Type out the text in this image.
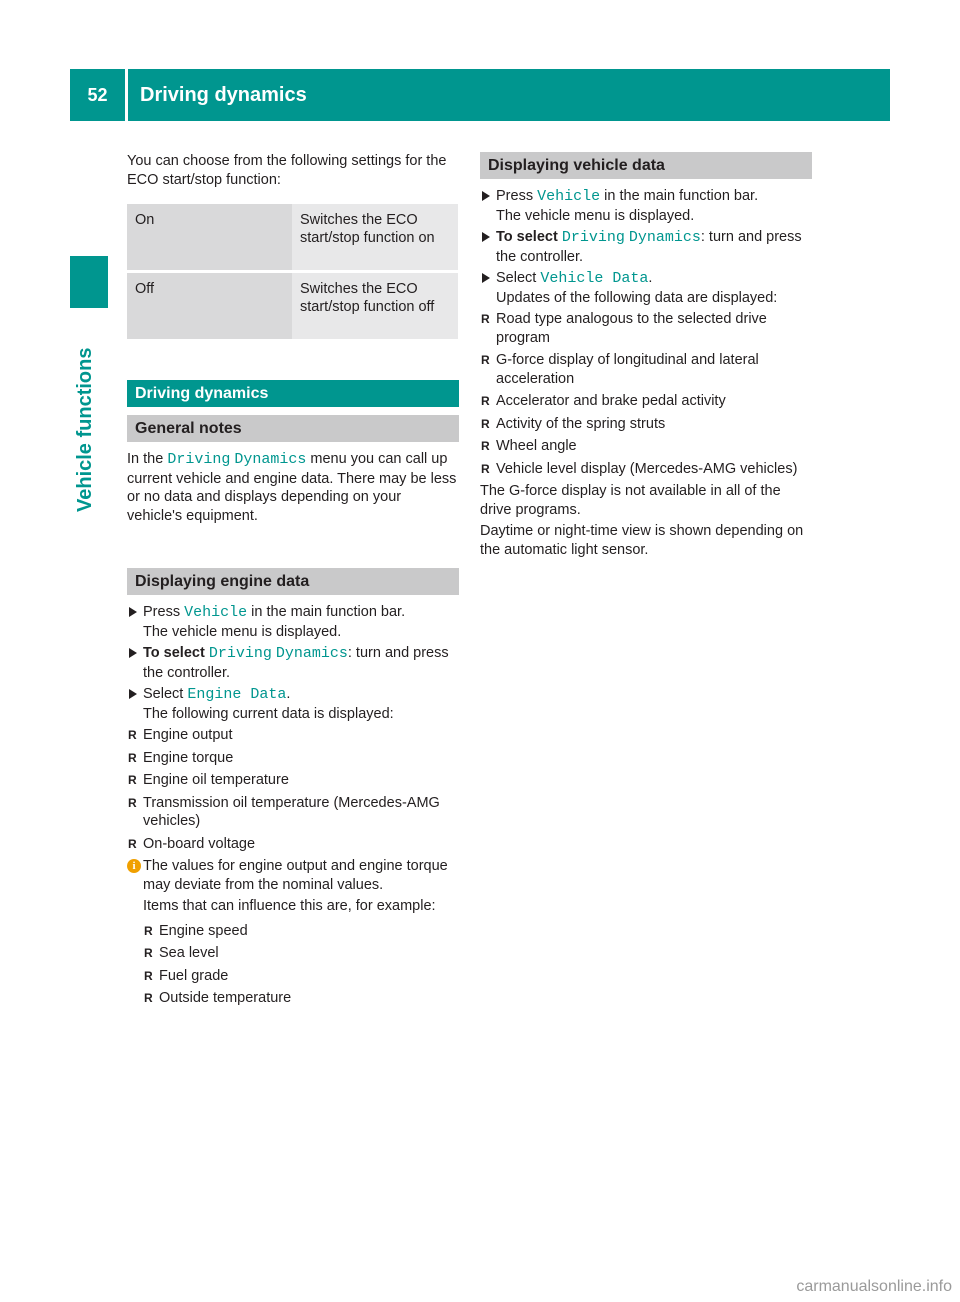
52	Driving dynamics
Vehicle functions

You can choose from the following settings for the ECO start/stop function:

On	Switches the ECO start/stop function on
Off	Switches the ECO start/stop function off
Driving dynamics
General notes

In the Driving Dynamics menu you can call up current vehicle and engine data. There may be less or no data and displays depending on your vehicle's equipment.

Displaying engine data
Press Vehicle in the main function bar.
The vehicle menu is displayed.
To select Driving Dynamics: turn and press the controller.
Select Engine Data.
The following current data is displayed:
R Engine output
R Engine torque
R Engine oil temperature
R Transmission oil temperature (Mercedes-AMG vehicles)
R On-board voltage
i The values for engine output and engine torque may deviate from the nominal values.

Items that can influence this are, for example:

R Engine speed
R Sea level
R Fuel grade
R Outside temperature
Displaying vehicle data
Press Vehicle in the main function bar.
The vehicle menu is displayed.
To select Driving Dynamics: turn and press the controller.
Select Vehicle Data.
Updates of the following data are displayed:
R Road type analogous to the selected drive program
R G-force display of longitudinal and lateral acceleration
R Accelerator and brake pedal activity
R Activity of the spring struts
R Wheel angle
R Vehicle level display (Mercedes-AMG vehicles)

The G-force display is not available in all of the drive programs.

Daytime or night-time view is shown depending on the automatic light sensor.

carmanualsonline.info
